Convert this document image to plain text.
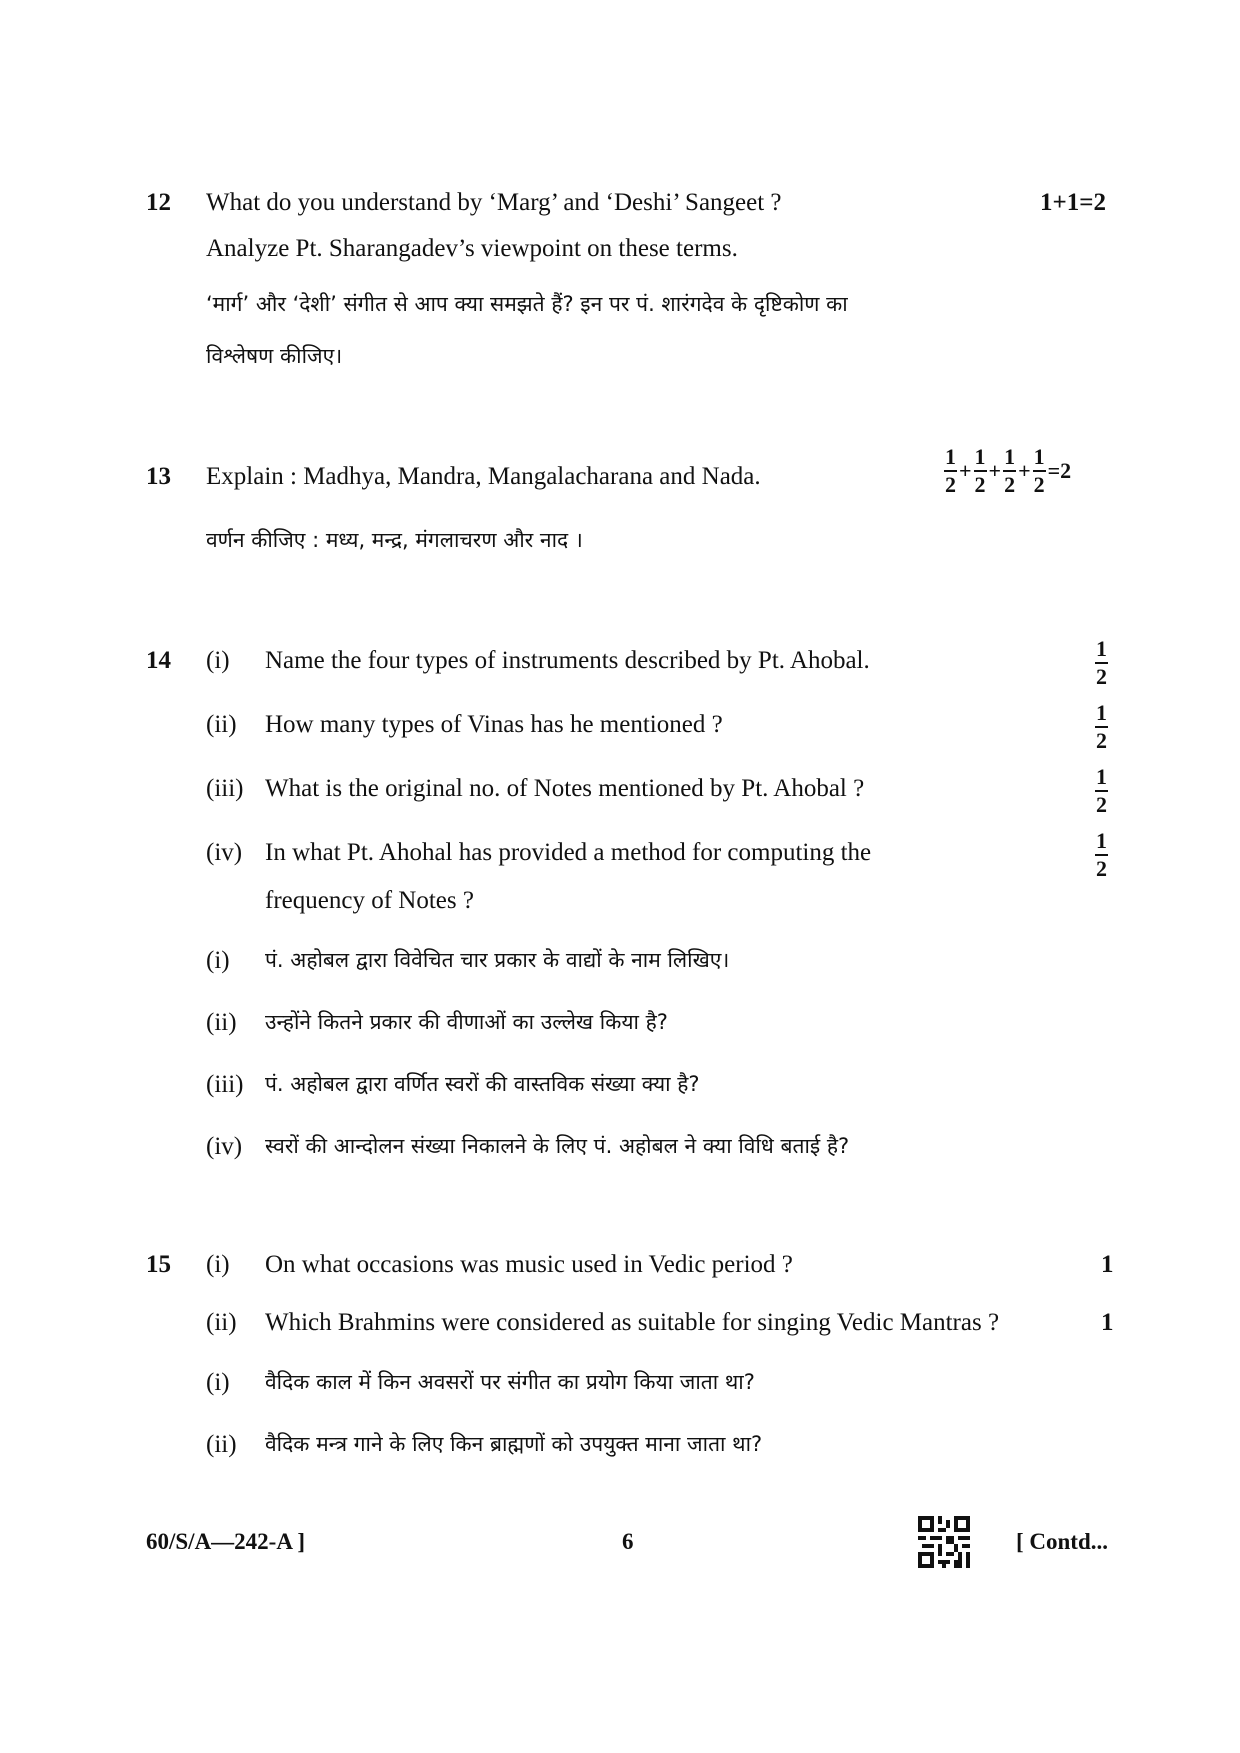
12 What do you understand by ‘Marg’ and ‘Deshi’ Sangeet ?	1+1=2
Analyze Pt. Sharangadev’s viewpoint on these terms.
‘मार्ग’ और ‘देशी’ संगीत से आप क्या समझते हैं? इन पर पं. शारंगदेव के दृष्टिकोण का
विश्लेषण कीजिए।
13 Explain : Madhya, Mandra, Mangalacharana and Nada.	$\frac{1}{2} + \frac{1}{2} + \frac{1}{2} + \frac{1}{2} =2$
वर्णन कीजिए : मध्य, मन्द्र, मंगलाचरण और नाद ।
14 (i) Name the four types of instruments described by Pt. Ahobal.	$\frac{1}{2}$
(ii) How many types of Vinas has he mentioned ?	$\frac{1}{2}$
(iii) What is the original no. of Notes mentioned by Pt. Ahobal ?	$\frac{1}{2}$
(iv) In what Pt. Ahohal has provided a method for computing the	$\frac{1}{2}$
frequency of Notes ?
(i) पं. अहोबल द्वारा विवेचित चार प्रकार के वाद्यों के नाम लिखिए।
(ii) उन्होंने कितने प्रकार की वीणाओं का उल्लेख किया है?
(iii) पं. अहोबल द्वारा वर्णित स्वरों की वास्तविक संख्या क्या है?
(iv) स्वरों की आन्दोलन संख्या निकालने के लिए पं. अहोबल ने क्या विधि बताई है?
15 (i) On what occasions was music used in Vedic period ?	1
(ii) Which Brahmins were considered as suitable for singing Vedic Mantras ?	1
(i) वैदिक काल में किन अवसरों पर संगीत का प्रयोग किया जाता था?
(ii) वैदिक मन्त्र गाने के लिए किन ब्राह्मणों को उपयुक्त माना जाता था?
60/S/A—242-A ]	6	[ Contd...
